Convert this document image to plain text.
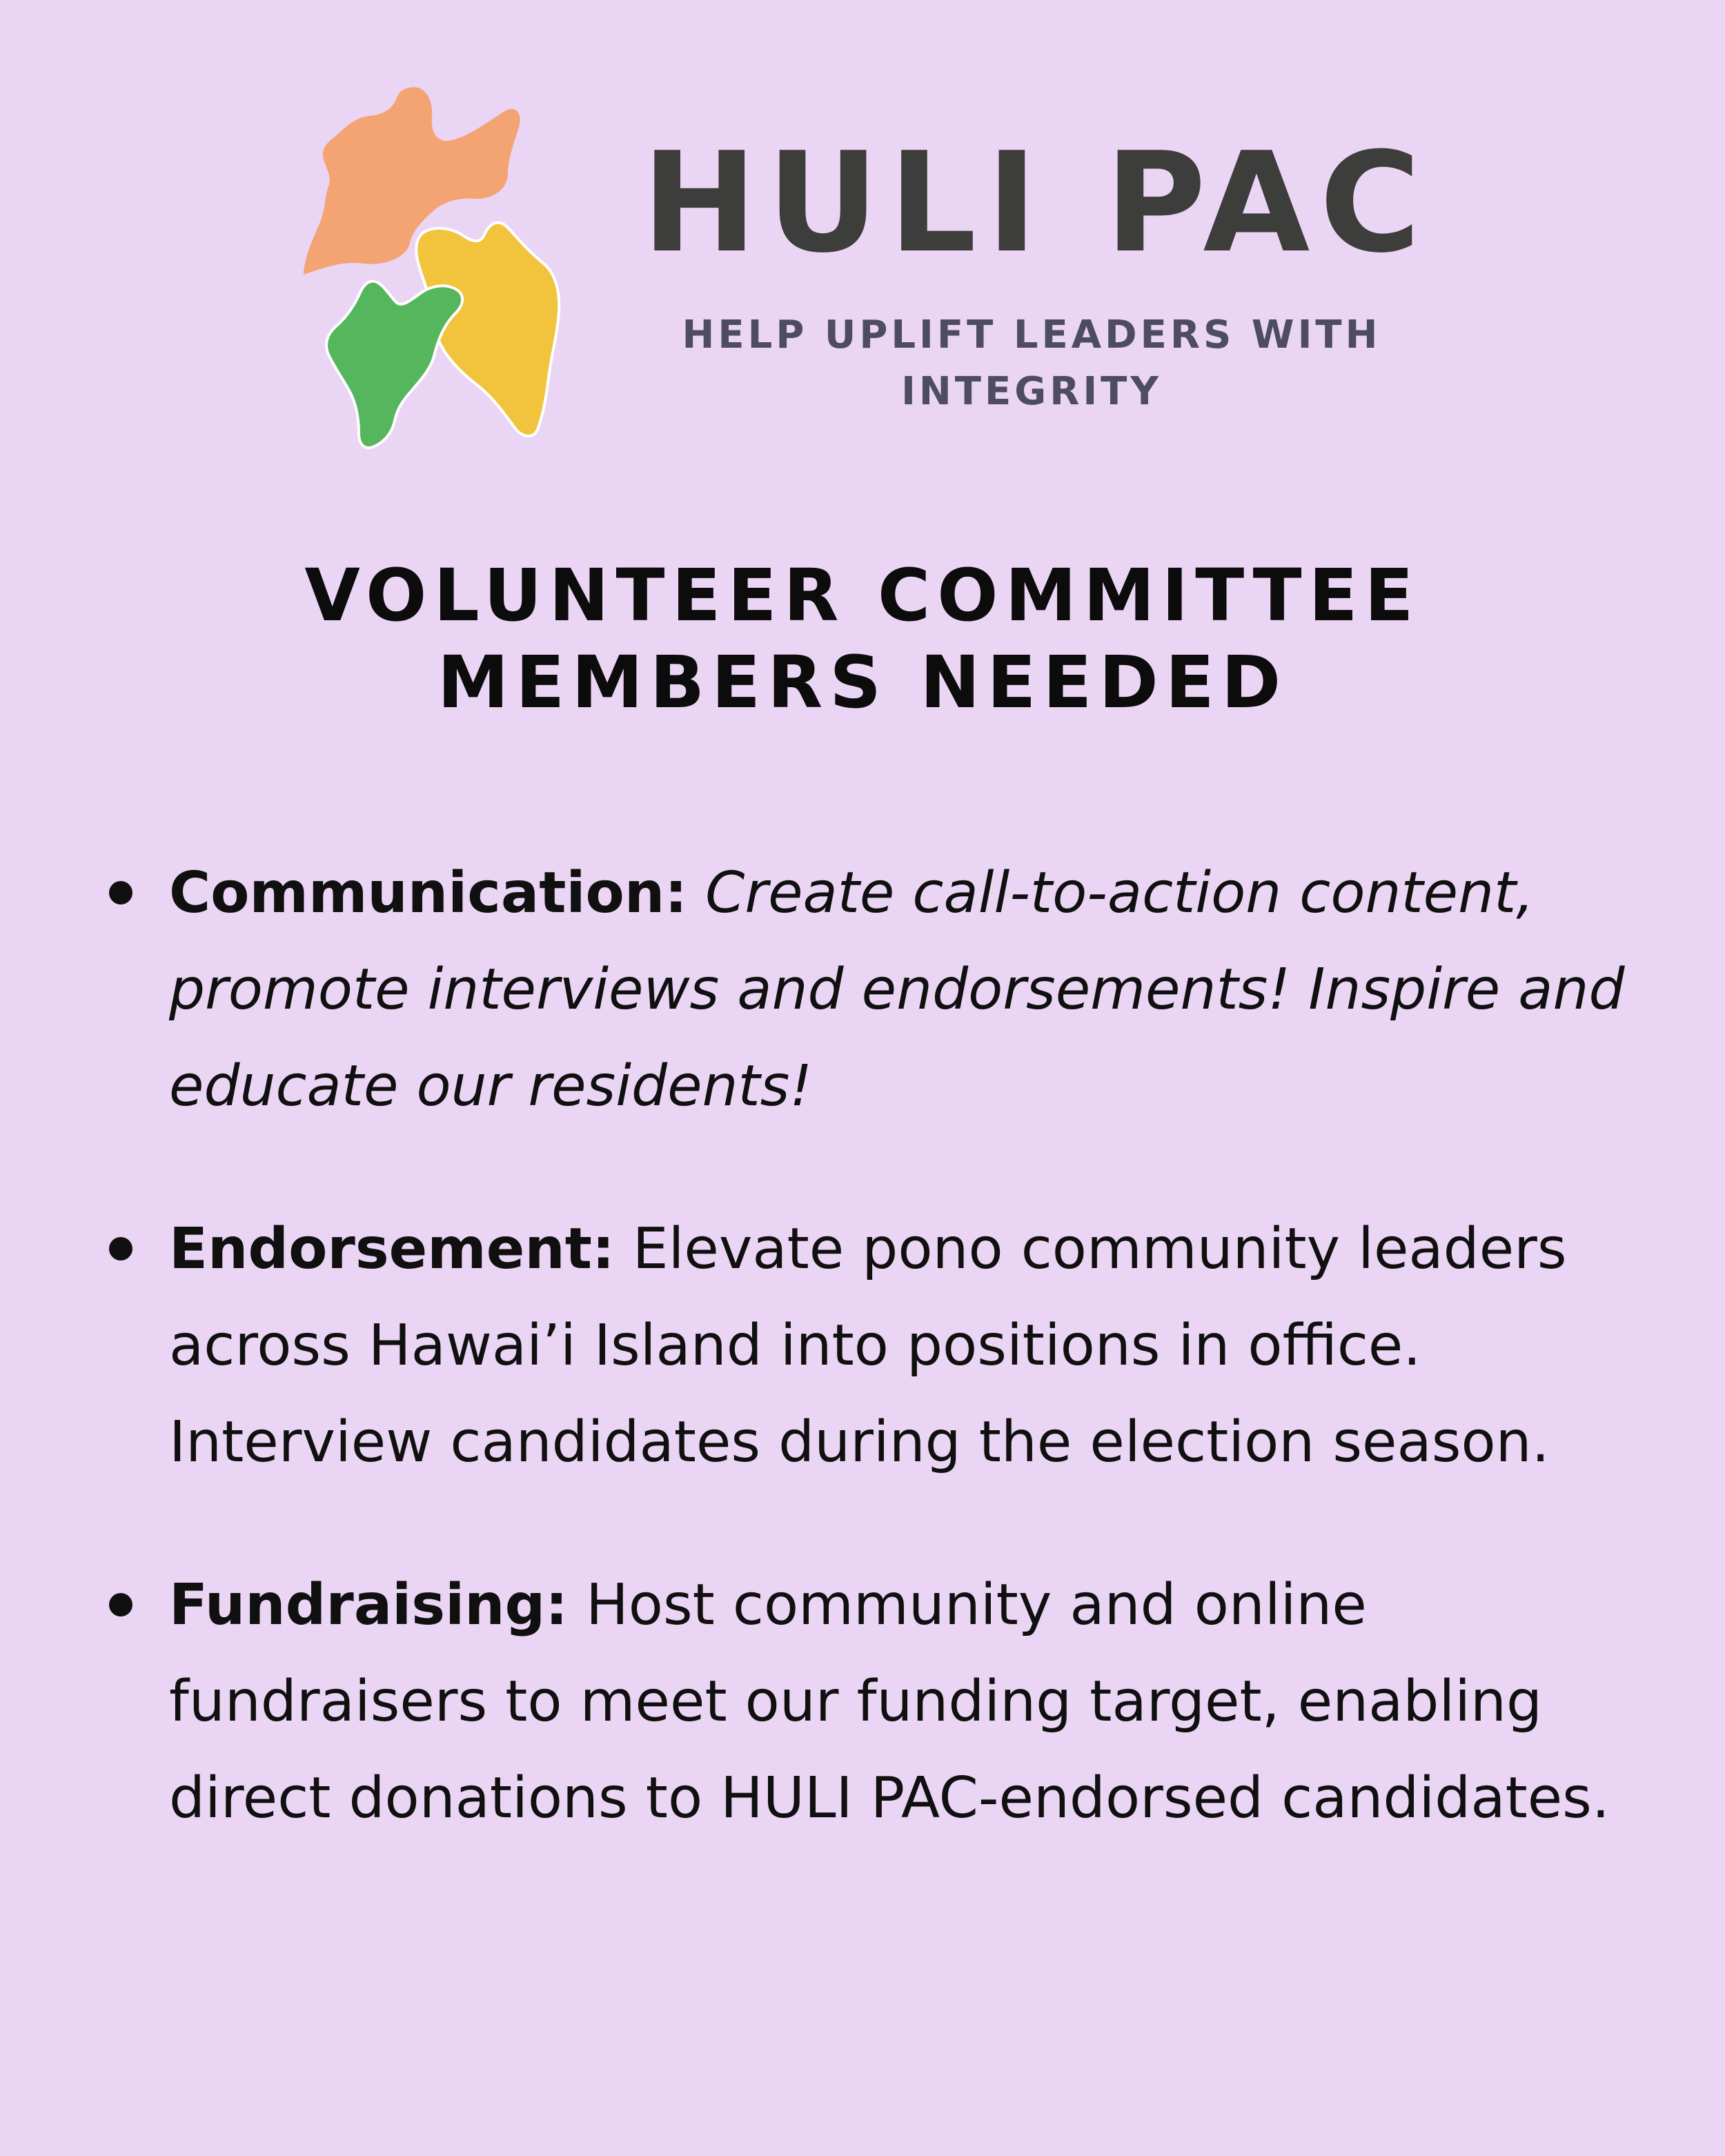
HULI PAC
HELP UPLIFT LEADERS WITH INTEGRITY
VOLUNTEER COMMITTEE MEMBERS NEEDED
Communication: Create call-to-action content, promote interviews and endorsements! Inspire and educate our residents!
Endorsement: Elevate pono community leaders across Hawai’i Island into positions in office. Interview candidates during the election season.
Fundraising: Host community and online fundraisers to meet our funding target, enabling direct donations to HULI PAC-endorsed candidates.
